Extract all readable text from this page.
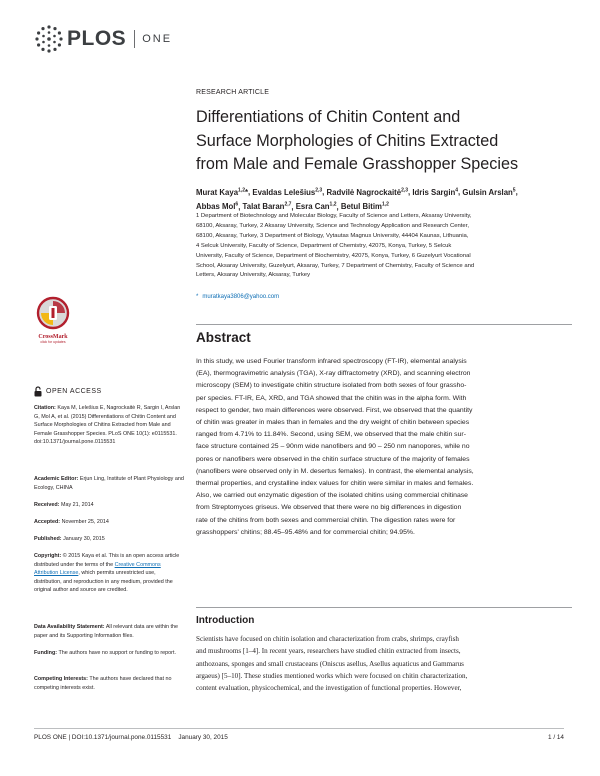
PLOS ONE
RESEARCH ARTICLE
Differentiations of Chitin Content and
Surface Morphologies of Chitins Extracted
from Male and Female Grasshopper Species
Murat Kaya$^{1,2}$*, Evaldas Lelešius$^{2,3}$, Radvilė Nagrockaitė$^{2,3}$, Idris Sargin$^4$, Gulsin Arslan$^5$,
Abbas Mol$^6$, Talat Baran$^{2,7}$, Esra Can$^{1,2}$, Betul Bitim$^{1,2}$
1 Department of Biotechnology and Molecular Biology, Faculty of Science and Letters, Aksaray University,
68100, Aksaray, Turkey, 2 Aksaray University, Science and Technology Application and Research Center,
68100, Aksaray, Turkey, 3 Department of Biology, Vytautas Magnus University, 44404 Kaunas, Lithuania,
4 Selcuk University, Faculty of Science, Department of Chemistry, 42075, Konya, Turkey, 5 Selcuk
University, Faculty of Science, Department of Biochemistry, 42075, Konya, Turkey, 6 Guzelyurt Vocational
School, Aksaray University, Guzelyurt, Aksaray, Turkey, 7 Department of Chemistry, Faculty of Science and
Letters, Aksaray University, Aksaray, Turkey
* muratkaya3806@yahoo.com
CrossMark
click for updates
OPEN ACCESS
Citation: Kaya M, Lelešius E, Nagrockaitė R, Sargin I, Arslan G, Mol A, et al. (2015) Differentiations of Chitin Content and Surface Morphologies of Chitins Extracted from Male and Female Grasshopper Species. PLoS ONE 10(1): e0115531. doi:10.1371/journal.pone.0115531
Academic Editor: Erjun Ling, Institute of Plant Physiology and Ecology, CHINA
Received: May 21, 2014
Accepted: November 25, 2014
Published: January 30, 2015
Copyright: © 2015 Kaya et al. This is an open access article distributed under the terms of the Creative Commons Attribution License, which permits unrestricted use, distribution, and reproduction in any medium, provided the original author and source are credited.
Data Availability Statement: All relevant data are within the paper and its Supporting Information files.
Funding: The authors have no support or funding to report.
Competing Interests: The authors have declared that no competing interests exist.
Abstract
In this study, we used Fourier transform infrared spectroscopy (FT-IR), elemental analysis
(EA), thermogravimetric analysis (TGA), X-ray diffractometry (XRD), and scanning electron
microscopy (SEM) to investigate chitin structure isolated from both sexes of four grassho-
per species. FT-IR, EA, XRD, and TGA showed that the chitin was in the alpha form. With
respect to gender, two main differences were observed. First, we observed that the quantity
of chitin was greater in males than in females and the dry weight of chitin between species
ranged from 4.71% to 11.84%. Second, using SEM, we observed that the male chitin sur-
face structure contained 25 – 90nm wide nanofibers and 90 – 250 nm nanopores, while no
pores or nanofibers were observed in the chitin surface structure of the majority of females
(nanofibers were observed only in M. desertus females). In contrast, the elemental analysis,
thermal properties, and crystalline index values for chitin were similar in males and females.
Also, we carried out enzymatic digestion of the isolated chitins using commercial chitinase
from Streptomyces griseus. We observed that there were no big differences in digestion
rate of the chitins from both sexes and commercial chitin. The digestion rates were for
grasshoppers' chitins; 88.45–95.48% and for commercial chitin; 94.95%.
Introduction
Scientists have focused on chitin isolation and characterization from crabs, shrimps, crayfish
and mushrooms [1–4]. In recent years, researchers have studied chitin extracted from insects,
anthozoans, sponges and small crustaceans (Oniscus asellus, Asellus aquaticus and Gammarus
argaeus) [5–10]. These studies mentioned works which were focused on chitin characterization,
content evaluation, physicochemical, and the investigation of functional properties. However,
PLOS ONE | DOI:10.1371/journal.pone.0115531    January 30, 2015	1 / 14
